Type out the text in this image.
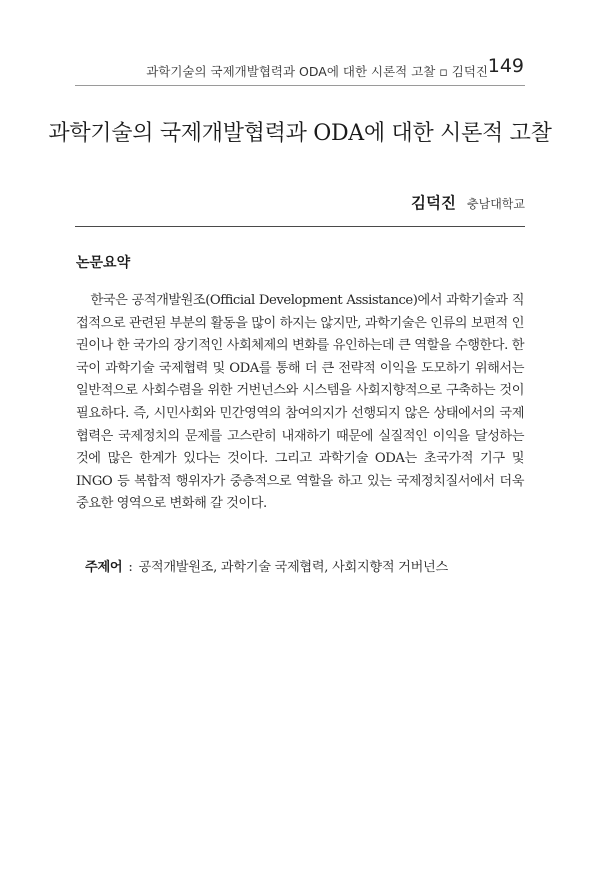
과학기술의 국제개발협력과 ODA에 대한 시론적 고찰 ▫ 김덕진 149
과학기술의 국제개발협력과 ODA에 대한 시론적 고찰
김덕진 충남대학교
논문요약

한국은 공적개발원조(Official Development Assistance)에서 과학기술과 직접적으로 관련된 부분의 활동을 많이 하지는 않지만, 과학기술은 인류의 보편적 인권이나 한 국가의 장기적인 사회체제의 변화를 유인하는데 큰 역할을 수행한다. 한국이 과학기술 국제협력 및 ODA를 통해 더 큰 전략적 이익을 도모하기 위해서는 일반적으로 사회수렴을 위한 거번넌스와 시스템을 사회지향적으로 구축하는 것이 필요하다. 즉, 시민사회와 민간영역의 참여의지가 선행되지 않은 상태에서의 국제협력은 국제정치의 문제를 고스란히 내재하기 때문에 실질적인 이익을 달성하는 것에 많은 한계가 있다는 것이다. 그리고 과학기술 ODA는 초국가적 기구 및 INGO 등 복합적 행위자가 중층적으로 역할을 하고 있는 국제정치질서에서 더욱 중요한 영역으로 변화해 갈 것이다.

주제어 : 공적개발원조, 과학기술 국제협력, 사회지향적 거버넌스
